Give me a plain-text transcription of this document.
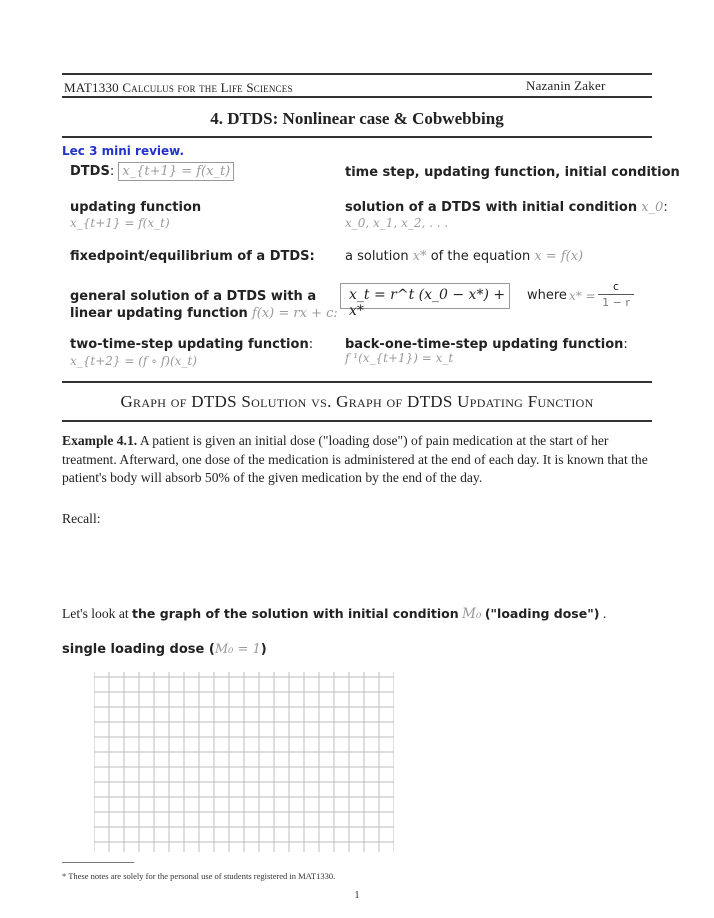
MAT1330 Calculus for the Life Sciences	Nazanin Zaker
4. DTDS: Nonlinear case & Cobwebbing
Lec 3 mini review.
DTDS: x_{t+1} = f(x_t)	time step, updating function, initial condition
updating function
x_{t+1} = f(x_t)
solution of a DTDS with initial condition x_0:
x_0, x_1, x_2, . . .
fixedpoint/equilibrium of a DTDS: a solution x* of the equation x = f(x)
general solution of a DTDS with a
linear updating function f(x) = rx + c:
x_t = r^t (x_0 − x*) + x*
where x* =
c
1 − r
two-time-step updating function:
x_{t+2} = (f ∘ f)(x_t)
back-one-time-step updating function:
f ¹(x_{t+1}) = x_t
Graph of DTDS Solution vs. Graph of DTDS Updating Function
Example 4.1. A patient is given an initial dose ("loading dose") of pain medication at the start of her treatment. Afterward, one dose of the medication is administered at the end of each day. It is known that the patient's body will absorb 50% of the given medication by the end of the day.
Recall:
Let's look at the graph of the solution with initial condition M₀ ("loading dose") .
single loading dose (M₀ = 1)
* These notes are solely for the personal use of students registered in MAT1330.
1
